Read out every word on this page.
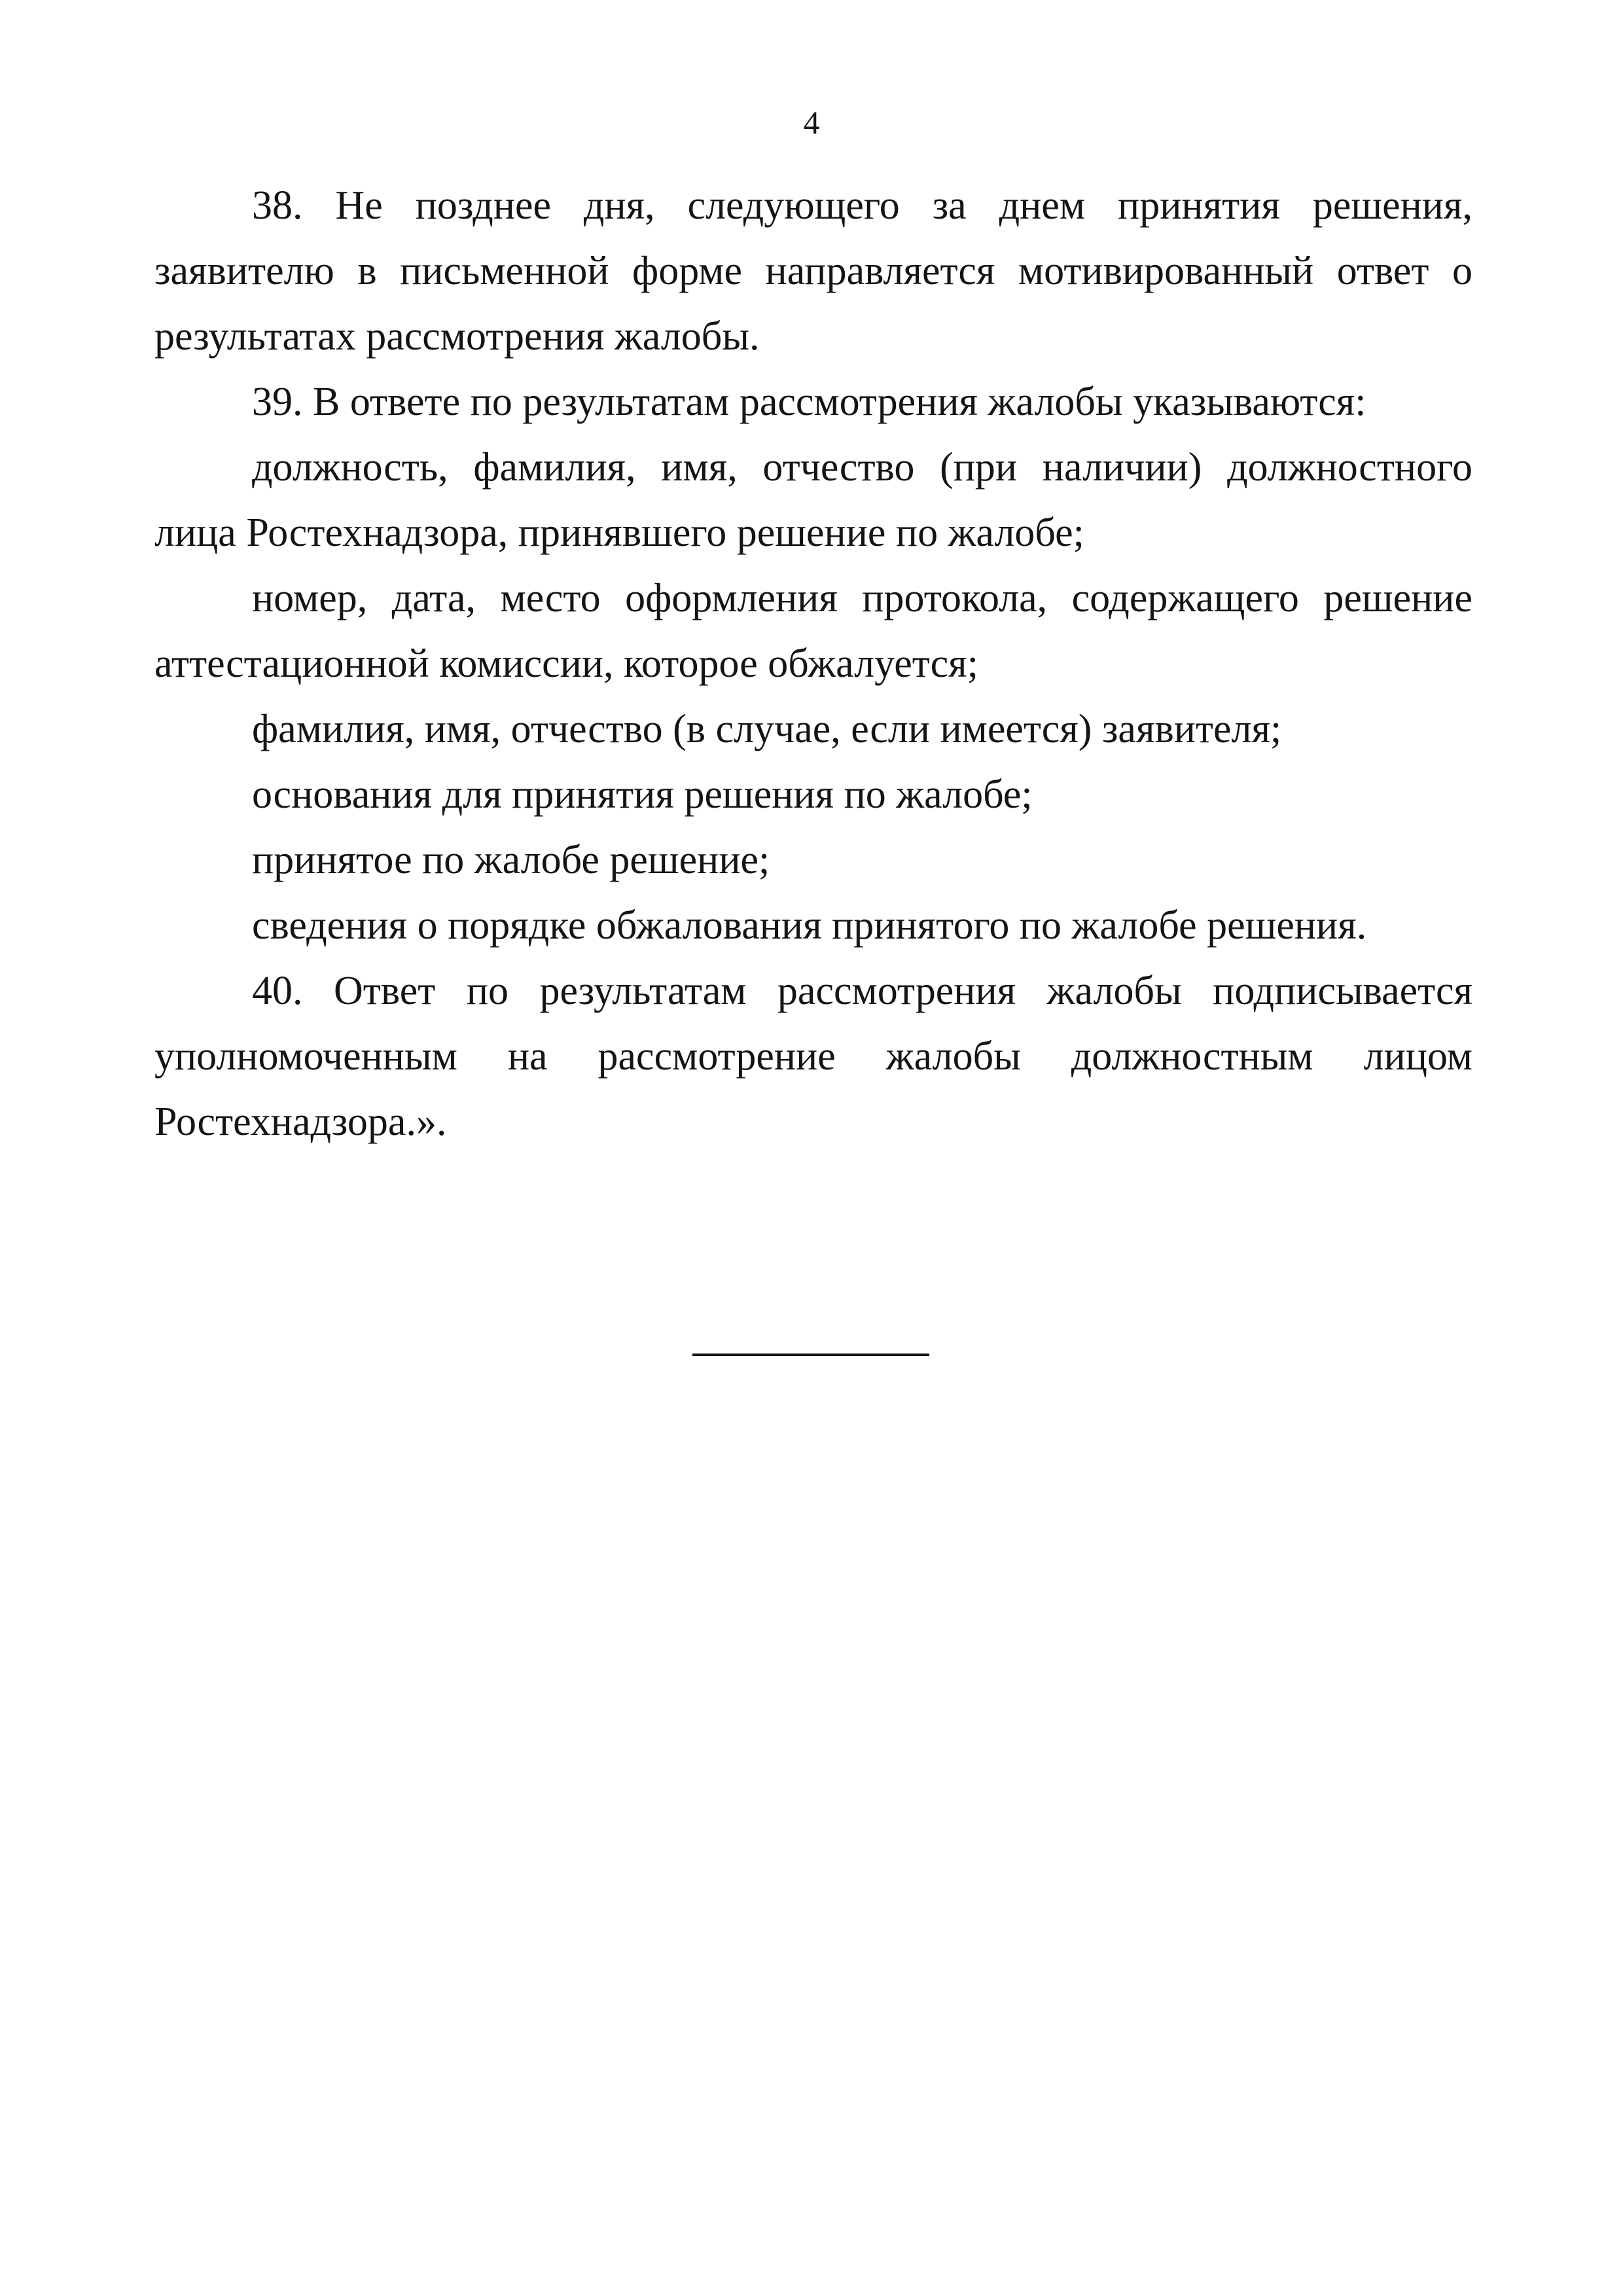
4

38. Не позднее дня, следующего за днем принятия решения, заявителю в письменной форме направляется мотивированный ответ о результатах рассмотрения жалобы.

39. В ответе по результатам рассмотрения жалобы указываются:

должность, фамилия, имя, отчество (при наличии) должностного лица Ростехнадзора, принявшего решение по жалобе;

номер, дата, место оформления протокола, содержащего решение аттестационной комиссии, которое обжалуется;

фамилия, имя, отчество (в случае, если имеется) заявителя;

основания для принятия решения по жалобе;

принятое по жалобе решение;

сведения о порядке обжалования принятого по жалобе решения.

40. Ответ по результатам рассмотрения жалобы подписывается уполномоченным на рассмотрение жалобы должностным лицом Ростехнадзора.».
